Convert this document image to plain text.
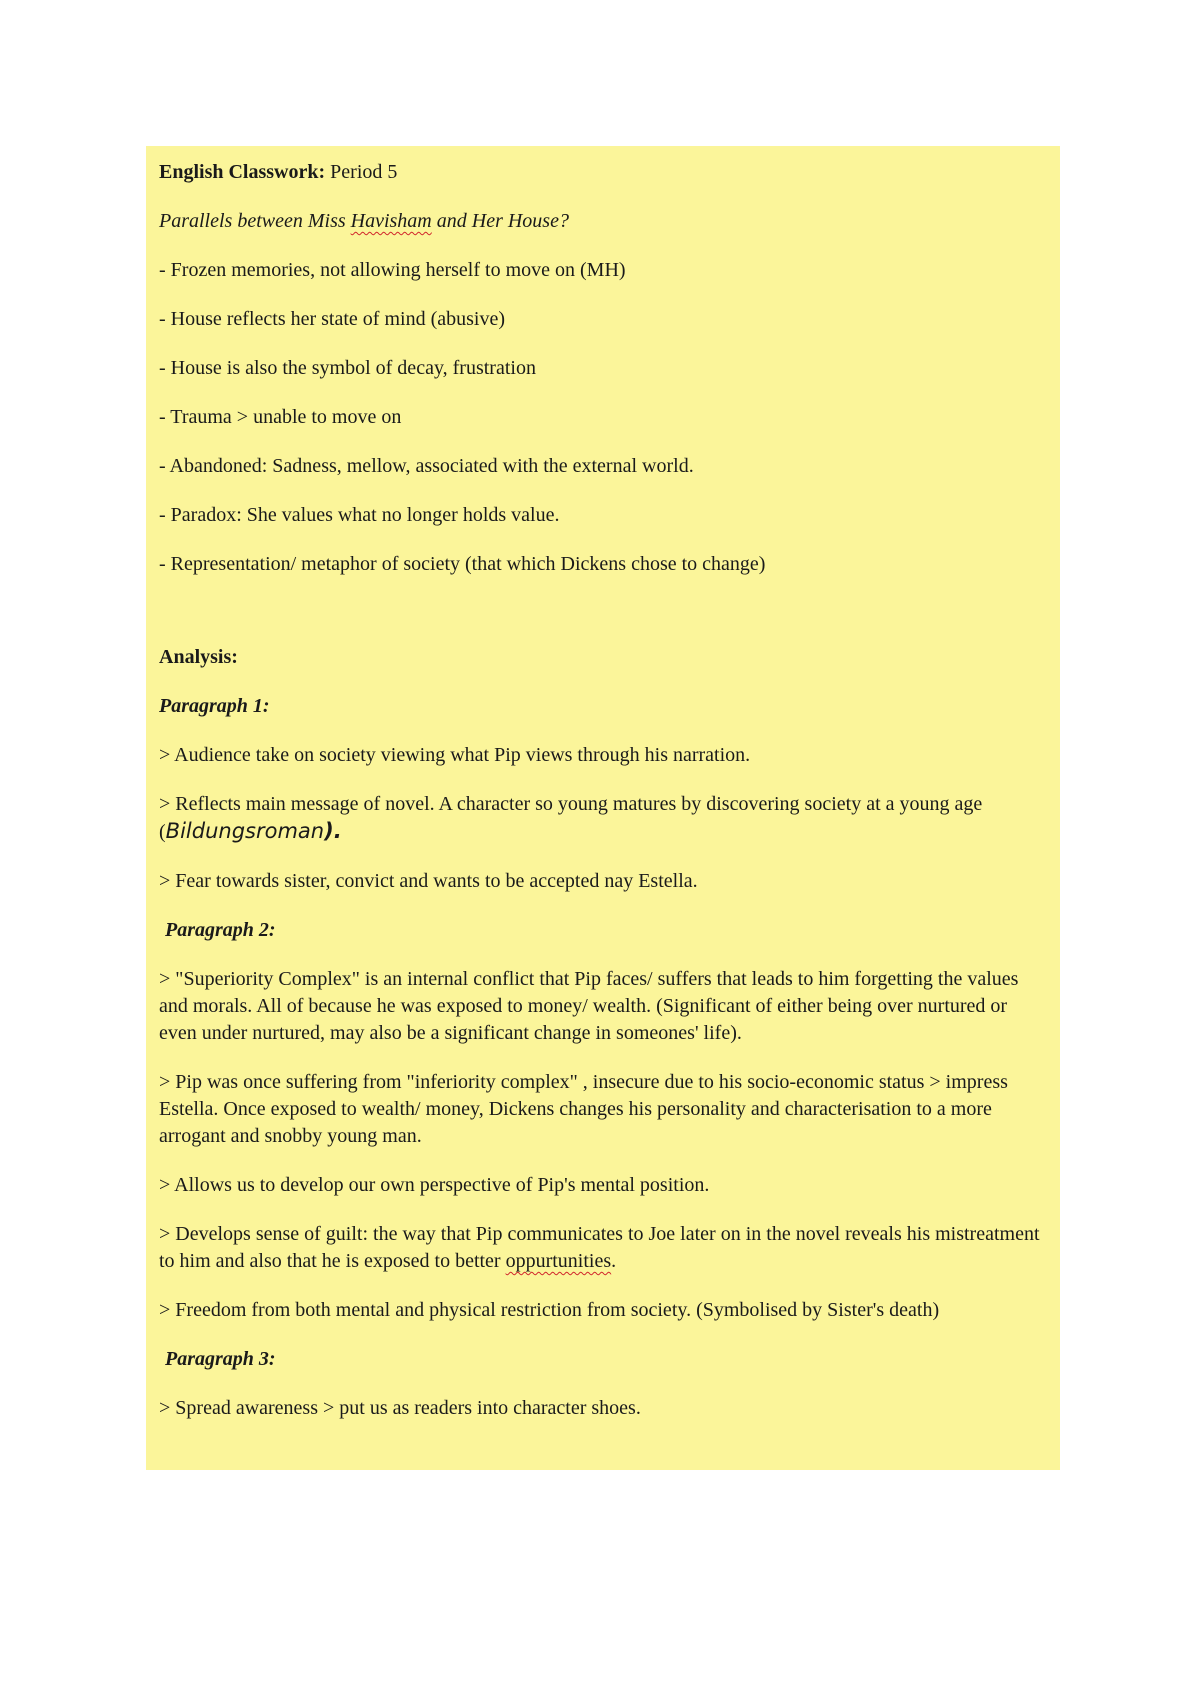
English Classwork: Period 5
Parallels between Miss Havisham and Her House?
- Frozen memories, not allowing herself to move on (MH)
- House reflects her state of mind (abusive)
- House is also the symbol of decay, frustration
- Trauma > unable to move on
- Abandoned: Sadness, mellow, associated with the external world.
- Paradox: She values what no longer holds value.
- Representation/ metaphor of society (that which Dickens chose to change)
Analysis:
Paragraph 1:
> Audience take on society viewing what Pip views through his narration.
> Reflects main message of novel. A character so young matures by discovering society at a young age (Bildungsroman).
> Fear towards sister, convict and wants to be accepted nay Estella.
Paragraph 2:
> "Superiority Complex" is an internal conflict that Pip faces/ suffers that leads to him forgetting the values and morals. All of because he was exposed to money/ wealth. (Significant of either being over nurtured or even under nurtured, may also be a significant change in someones' life).
> Pip was once suffering from "inferiority complex" , insecure due to his socio-economic status > impress Estella. Once exposed to wealth/ money, Dickens changes his personality and characterisation to a more arrogant and snobby young man.
> Allows us to develop our own perspective of Pip's mental position.
> Develops sense of guilt: the way that Pip communicates to Joe later on in the novel reveals his mistreatment to him and also that he is exposed to better oppurtunities.
> Freedom from both mental and physical restriction from society. (Symbolised by Sister's death)
Paragraph 3:
> Spread awareness > put us as readers into character shoes.
